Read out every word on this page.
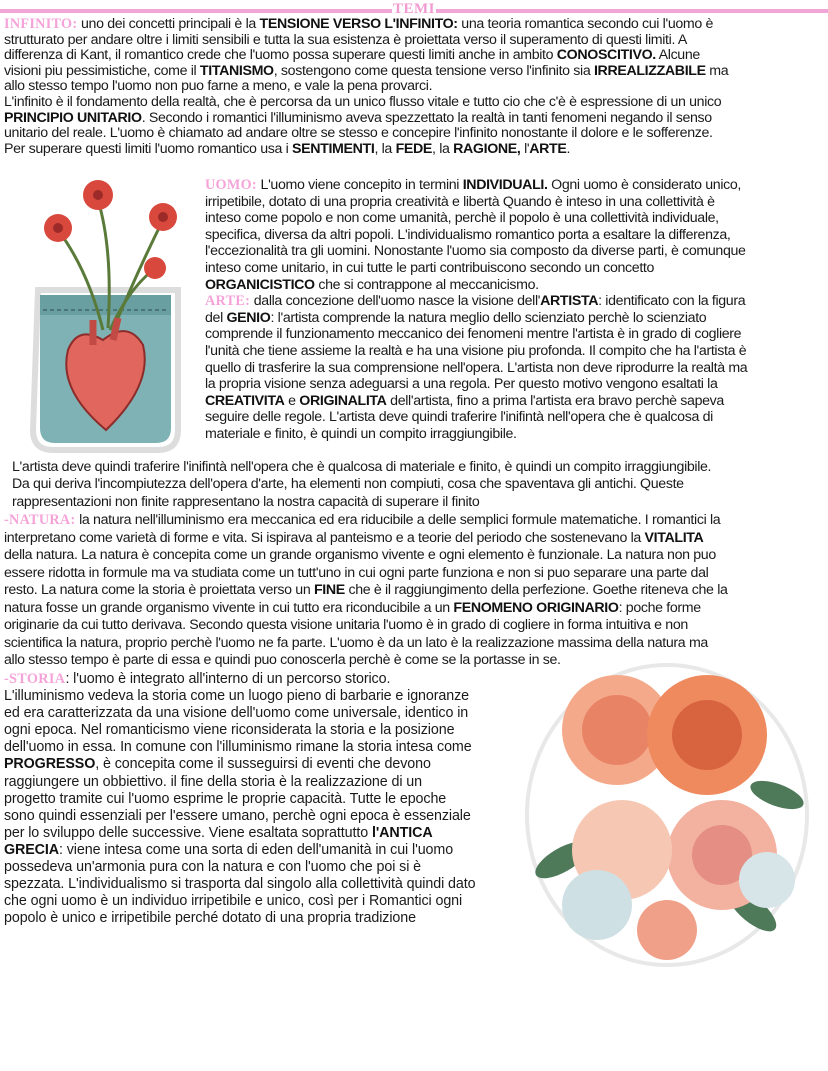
TEMI
INFINITO: uno dei concetti principali è la TENSIONE VERSO L'INFINITO: una teoria romantica secondo cui l'uomo è
strutturato per andare oltre i limiti sensibili e tutta la sua esistenza è proiettata verso il superamento di questi limiti. A
differenza di Kant, il romantico crede che l'uomo possa superare questi limiti anche in ambito CONOSCITIVO. Alcune
visioni piu pessimistiche, come il TITANISMO, sostengono come questa tensione verso l'infinito sia IRREALIZZABILE ma
allo stesso tempo l'uomo non puo farne a meno, e vale la pena provarci.
L'infinito è il fondamento della realtà, che è percorsa da un unico flusso vitale e tutto cio che c'è è espressione di un unico
PRINCIPIO UNITARIO. Secondo i romantici l'illuminismo aveva spezzettato la realtà in tanti fenomeni negando il senso
unitario del reale. L'uomo è chiamato ad andare oltre se stesso e concepire l'infinito nonostante il dolore e le sofferenze.
Per superare questi limiti l'uomo romantico usa i SENTIMENTI, la FEDE, la RAGIONE, l'ARTE.
UOMO: L'uomo viene concepito in termini INDIVIDUALI. Ogni uomo è considerato unico,
irripetibile, dotato di una propria creatività e libertà Quando è inteso in una collettività è
inteso come popolo e non come umanità, perchè il popolo è una collettività individuale,
specifica, diversa da altri popoli. L'individualismo romantico porta a esaltare la differenza,
l'eccezionalità tra gli uomini. Nonostante l'uomo sia composto da diverse parti, è comunque
inteso come unitario, in cui tutte le parti contribuiscono secondo un concetto
ORGANICISTICO che si contrappone al meccanicismo.
ARTE: dalla concezione dell'uomo nasce la visione dell'ARTISTA: identificato con la figura
del GENIO: l'artista comprende la natura meglio dello scienziato perchè lo scienziato
comprende il funzionamento meccanico dei fenomeni mentre l'artista è in grado di cogliere
l'unità che tiene assieme la realtà e ha una visione piu profonda. Il compito che ha l'artista è
quello di trasferire la sua comprensione nell'opera. L'artista non deve riprodurre la realtà ma
la propria visione senza adeguarsi a una regola. Per questo motivo vengono esaltati la
CREATIVITA e ORIGINALITA dell'artista, fino a prima l'artista era bravo perchè sapeva
seguire delle regole. L'artista deve quindi traferire l'inifintà nell'opera che è qualcosa di
materiale e finito, è quindi un compito irraggiungibile.
L'artista deve quindi traferire l'inifintà nell'opera che è qualcosa di materiale e finito, è quindi un compito irraggiungibile.
Da qui deriva l'incompiutezza dell'opera d'arte, ha elementi non compiuti, cosa che spaventava gli antichi. Queste
rappresentazioni non finite rappresentano la nostra capacità di superare il finito
-NATURA: la natura nell'illuminismo era meccanica ed era riducibile a delle semplici formule matematiche. I romantici la
interpretano come varietà di forme e vita. Si ispirava al panteismo e a teorie del periodo che sostenevano la VITALITA
della natura. La natura è concepita come un grande organismo vivente e ogni elemento è funzionale. La natura non puo
essere ridotta in formule ma va studiata come un tutt'uno in cui ogni parte funziona e non si puo separare una parte dal
resto. La natura come la storia è proiettata verso un FINE che è il raggiungimento della perfezione. Goethe riteneva che la
natura fosse un grande organismo vivente in cui tutto era riconducibile a un FENOMENO ORIGINARIO: poche forme
originarie da cui tutto derivava. Secondo questa visione unitaria l'uomo è in grado di cogliere in forma intuitiva e non
scientifica la natura, proprio perchè l'uomo ne fa parte. L'uomo è da un lato è la realizzazione massima della natura ma
allo stesso tempo è parte di essa e quindi puo conoscerla perchè è come se la portasse in se.
-STORIA: l'uomo è integrato all'interno di un percorso storico.
L'illuminismo vedeva la storia come un luogo pieno di barbarie e ignoranze
ed era caratterizzata da una visione dell'uomo come universale, identico in
ogni epoca. Nel romanticismo viene riconsiderata la storia e la posizione
dell'uomo in essa. In comune con l'illuminismo rimane la storia intesa come
PROGRESSO, è concepita come il susseguirsi di eventi che devono
raggiungere un obbiettivo. il fine della storia è la realizzazione di un
progetto tramite cui l'uomo esprime le proprie capacità. Tutte le epoche
sono quindi essenziali per l'essere umano, perchè ogni epoca è essenziale
per lo sviluppo delle successive. Viene esaltata soprattutto l'ANTICA
GRECIA: viene intesa come una sorta di eden dell'umanità in cui l'uomo
possedeva un'armonia pura con la natura e con l'uomo che poi si è
spezzata. L'individualismo si trasporta dal singolo alla collettività quindi dato
che ogni uomo è un individuo irripetibile e unico, così per i Romantici ogni
popolo è unico e irripetibile perché dotato di una propria tradizione
